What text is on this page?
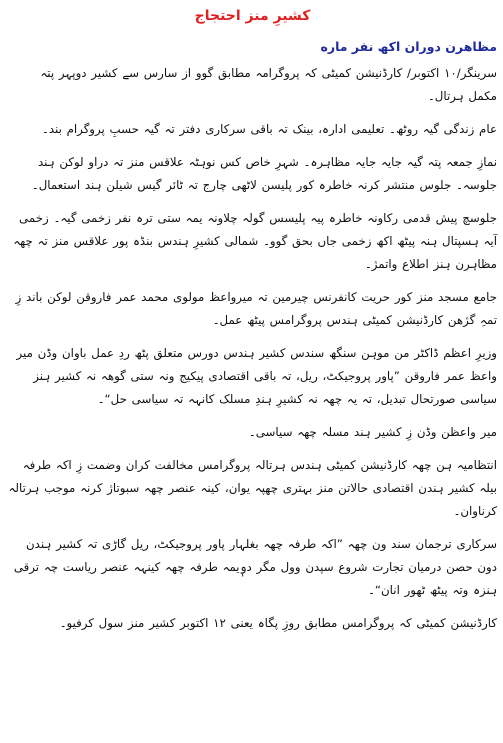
کشیرِ منز احتجاج
مظاهرن دوران اکھ نفر ماره

سرینگر/۱۰ اکتوبر/ کارڈنیشن کمیٹی کہ پروگرامہ مطابق گوو از سارس سے کشیر دوپہر پتہ مکمل ہرتال۔

عام زندگی گیہ روٹھ۔ تعلیمی ادارہ، بینک تہ باقی سرکاری دفتر تہ گیہ حسبِ پروگرام بند۔

نمازِ جمعہ پتہ گیہ جایہ جایہ مظاہرہ۔ شہرِ خاص کس نوہٹہ علاقس منز تہ دراو لوکن ہند جلوسہ۔ جلوس منتشر کرنہ خاطرہ کور پلیسن لاٹھی چارج تہ ٹائر گیس شیلن ہند استعمال۔

جلوسچ پیش قدمی رکاونہ خاطرہ پیہ پلیسس گولہ چلاونہ یمہ ستی ترہ نفر زخمی گیہ۔ زخمی آیہ ہسپتال ہنہ پیٹھ اکھ زخمی جاں بحق گوو۔ شمالی کشیرِ ہندس بنڈہ پور علاقس منز تہ چھہ مظاہرن ہنز اطلاع واتمژ۔

جامع مسجد منز کور حریت کانفرنس چیرمین تہ میرواعظ مولوی محمد عمر فاروقن لوکن باند زِ تمہِ گژھن کارڈنیشن کمیٹی ہندس پروگرامس پیٹھ عمل۔

وزیرِ اعظم ڈاکٹر من موہن سنگھ سندس کشیر ہندس دورس متعلق پٹھ ردِ عمل باوان وڈن میر واعظ عمر فاروقن ”پاور پروجیکٹ، ریل، تہ باقی اقتصادی پیکیج ونہ ستی گوھہ نہ کشیر ہنز سیاسی صورتحال تبدیل، تہ یہ چھہ نہ کشیرِ ہندِ مسلک کانہہ تہ سیاسی حل“۔

میر واعظن وڈن زِ کشیر ہند مسلہ چھہ سیاسی۔

انتظامیہ ہن چھہ کارڈنیشن کمیٹی ہندس ہرتالہ پروگرامس مخالفت کران وضمت زِ اکہ طرفہ بیلہ کشیر ہندن اقتصادی حالاتن منز بہتری چھپہ یوان، کینہ عنصر چھہ سبوتاژ کرنہ موجب ہرتالہ کرناوان۔

سرکاری ترجمان سند ون چھہ ”اکہ طرفہ چھہ بغلہار پاور پروجیکٹ، ریل گاڑی تہ کشیر ہندن دون حصن درمیان تجارت شروع سپدن وول مگر دوٖیمہ طرفہ چھہ کینہہ عنصر ریاست چہ ترقی ہنزہ وتہ پیٹھ ٹھور انان“۔

کارڈنیشن کمیٹی کہ پروگرامس مطابق روزِ پگاہ یعنی ۱۲ اکتوبر کشیر منز سول کرفیو۔
